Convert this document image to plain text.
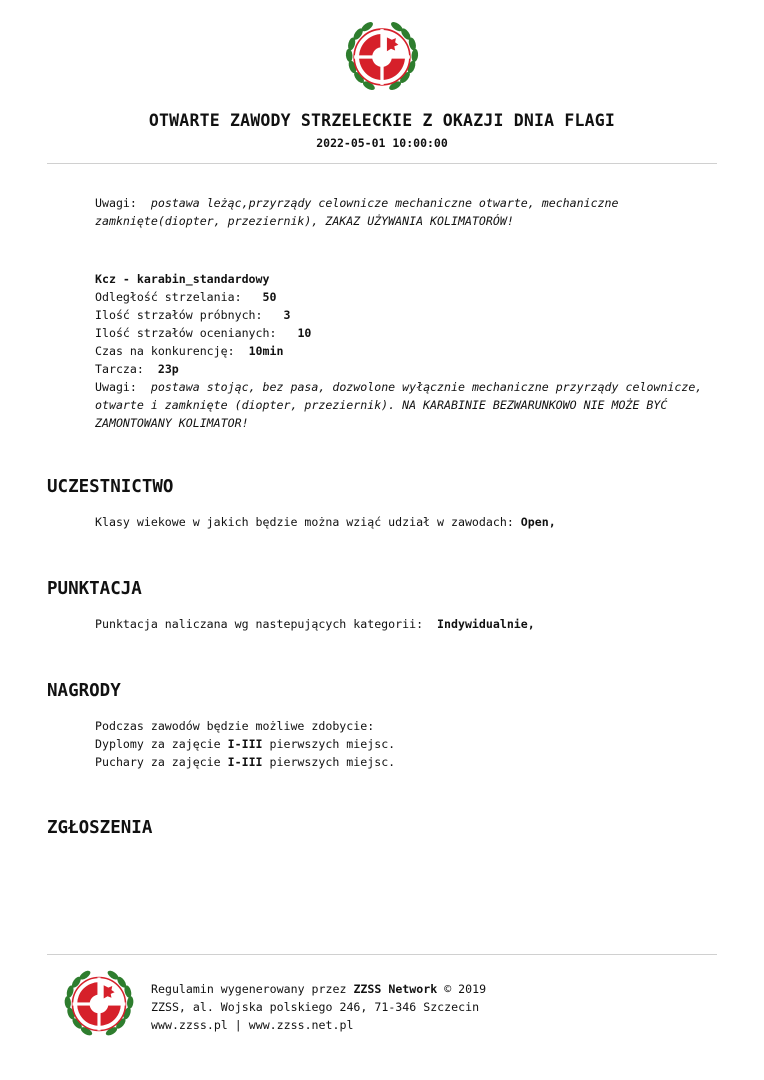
OTWARTE ZAWODY STRZELECKIE Z OKAZJI DNIA FLAGI
2022-05-01 10:00:00
Uwagi: postawa leżąc,przyrządy celownicze mechaniczne otwarte, mechaniczne
zamknięte(diopter, przeziernik), ZAKAZ UŻYWANIA KOLIMATORÓW!
Kcz - karabin_standardowy
Odległość strzelania: 50
Ilość strzałów próbnych: 3
Ilość strzałów ocenianych: 10
Czas na konkurencję: 10min
Tarcza: 23p
Uwagi: postawa stojąc, bez pasa, dozwolone wyłącznie mechaniczne przyrządy celownicze,
otwarte i zamknięte (diopter, przeziernik). NA KARABINIE BEZWARUNKOWO NIE MOŻE BYĆ
ZAMONTOWANY KOLIMATOR!
UCZESTNICTWO
Klasy wiekowe w jakich będzie można wziąć udział w zawodach: Open,
PUNKTACJA
Punktacja naliczana wg nastepujących kategorii: Indywidualnie,
NAGRODY
Podczas zawodów będzie możliwe zdobycie:
Dyplomy za zajęcie I-III pierwszych miejsc.
Puchary za zajęcie I-III pierwszych miejsc.
ZGŁOSZENIA
Regulamin wygenerowany przez ZZSS Network © 2019
ZZSS, al. Wojska polskiego 246, 71-346 Szczecin
www.zzss.pl | www.zzss.net.pl
